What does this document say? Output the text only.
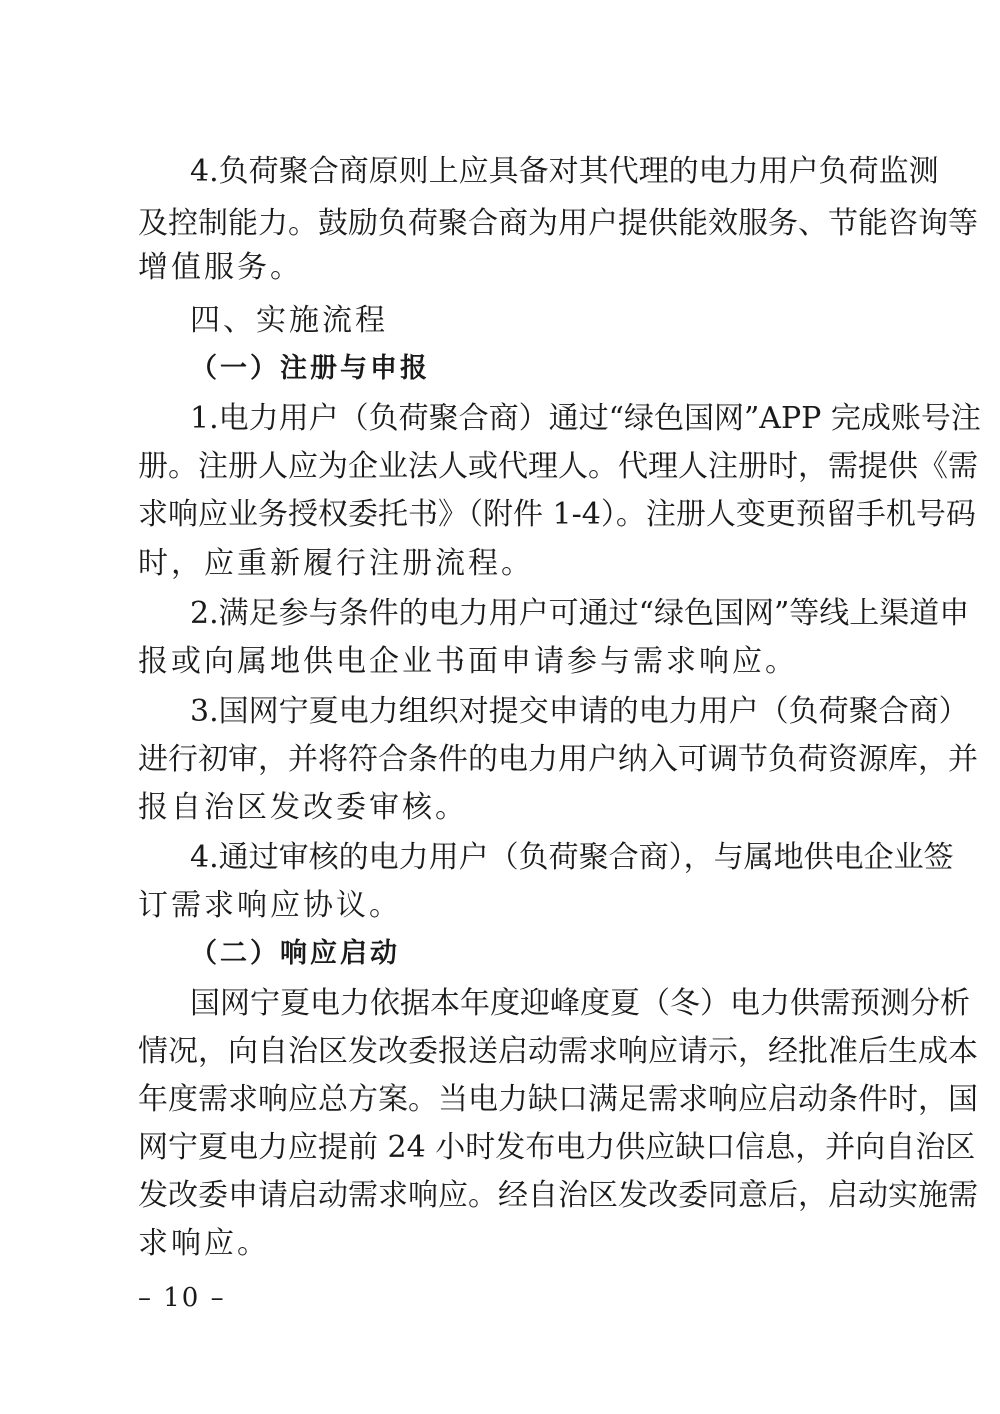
4.负荷聚合商原则上应具备对其代理的电力用户负荷监测
及控制能力。鼓励负荷聚合商为用户提供能效服务、节能咨询等
增值服务。
四、实施流程
（一）注册与申报
1.电力用户（负荷聚合商）通过“绿色国网”APP 完成账号注
册。注册人应为企业法人或代理人。代理人注册时，需提供《需
求响应业务授权委托书》（附件 1-4）。注册人变更预留手机号码
时，应重新履行注册流程。
2.满足参与条件的电力用户可通过“绿色国网”等线上渠道申
报或向属地供电企业书面申请参与需求响应。
3.国网宁夏电力组织对提交申请的电力用户（负荷聚合商）
进行初审，并将符合条件的电力用户纳入可调节负荷资源库，并
报自治区发改委审核。
4.通过审核的电力用户（负荷聚合商），与属地供电企业签
订需求响应协议。
（二）响应启动
国网宁夏电力依据本年度迎峰度夏（冬）电力供需预测分析
情况，向自治区发改委报送启动需求响应请示，经批准后生成本
年度需求响应总方案。当电力缺口满足需求响应启动条件时，国
网宁夏电力应提前 24 小时发布电力供应缺口信息，并向自治区
发改委申请启动需求响应。经自治区发改委同意后，启动实施需
求响应。
– 10 –
